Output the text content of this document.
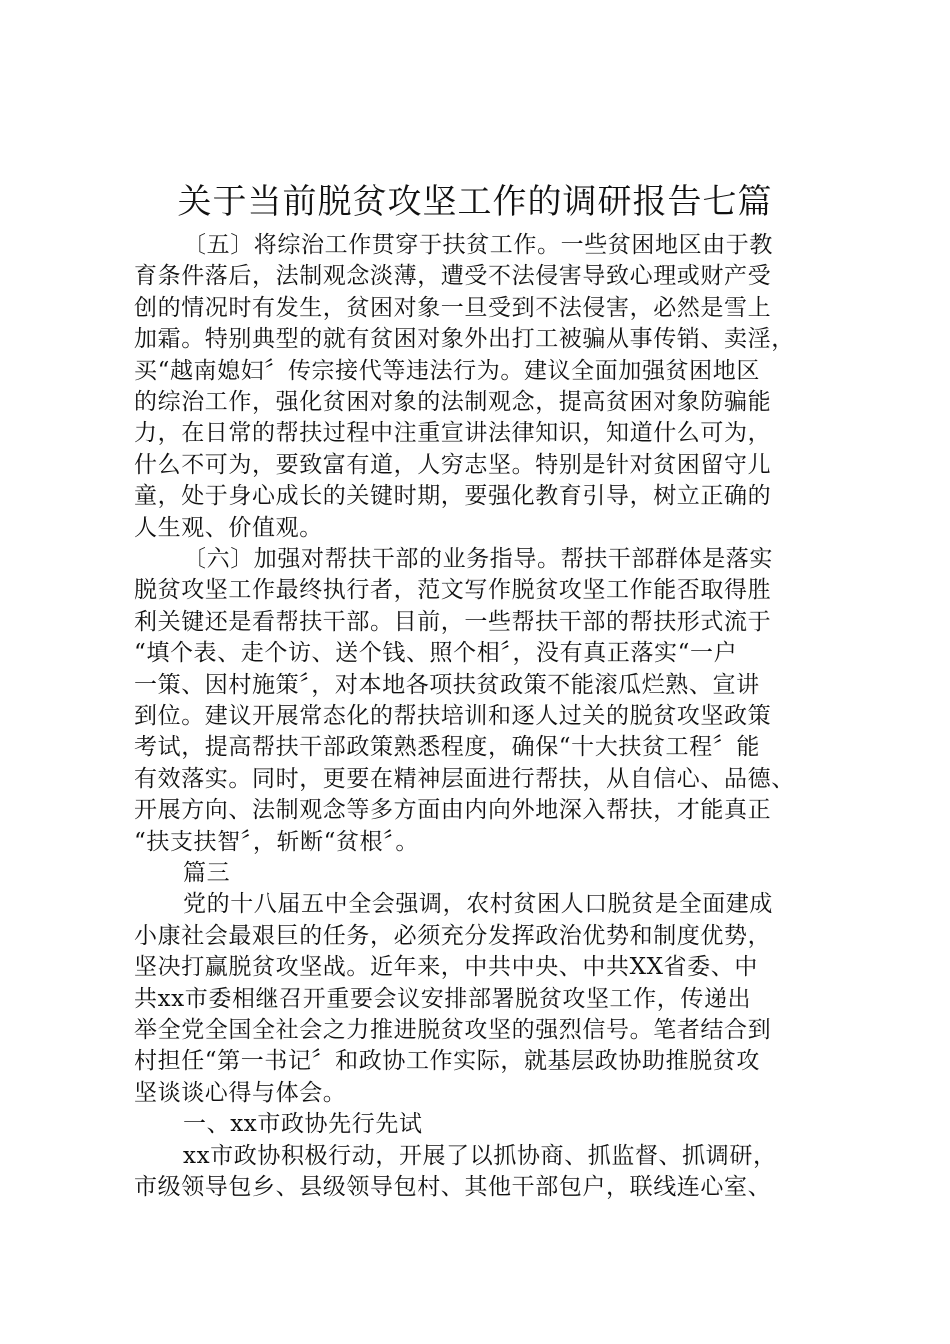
关于当前脱贫攻坚工作的调研报告七篇
〔五〕将综治工作贯穿于扶贫工作。一些贫困地区由于教
育条件落后，法制观念淡薄，遭受不法侵害导致心理或财产受
创的情况时有发生，贫困对象一旦受到不法侵害，必然是雪上
加霜。特别典型的就有贫困对象外出打工被骗从事传销、卖淫，
买“越南媳妇〞传宗接代等违法行为。建议全面加强贫困地区
的综治工作，强化贫困对象的法制观念，提高贫困对象防骗能
力，在日常的帮扶过程中注重宣讲法律知识，知道什么可为，
什么不可为，要致富有道，人穷志坚。特别是针对贫困留守儿
童，处于身心成长的关键时期，要强化教育引导，树立正确的
人生观、价值观。
〔六〕加强对帮扶干部的业务指导。帮扶干部群体是落实
脱贫攻坚工作最终执行者，范文写作脱贫攻坚工作能否取得胜
利关键还是看帮扶干部。目前，一些帮扶干部的帮扶形式流于
“填个表、走个访、送个钱、照个相〞，没有真正落实“一户
一策、因村施策〞，对本地各项扶贫政策不能滚瓜烂熟、宣讲
到位。建议开展常态化的帮扶培训和逐人过关的脱贫攻坚政策
考试，提高帮扶干部政策熟悉程度，确保“十大扶贫工程〞能
有效落实。同时，更要在精神层面进行帮扶，从自信心、品德、
开展方向、法制观念等多方面由内向外地深入帮扶，才能真正
“扶支扶智〞，斩断“贫根〞。
篇三
党的十八届五中全会强调，农村贫困人口脱贫是全面建成
小康社会最艰巨的任务，必须充分发挥政治优势和制度优势，
坚决打赢脱贫攻坚战。近年来，中共中央、中共XX省委、中
共xx市委相继召开重要会议安排部署脱贫攻坚工作，传递出
举全党全国全社会之力推进脱贫攻坚的强烈信号。笔者结合到
村担任“第一书记〞和政协工作实际，就基层政协助推脱贫攻
坚谈谈心得与体会。
一、xx市政协先行先试
xx市政协积极行动，开展了以抓协商、抓监督、抓调研，
市级领导包乡、县级领导包村、其他干部包户，联线连心室、
